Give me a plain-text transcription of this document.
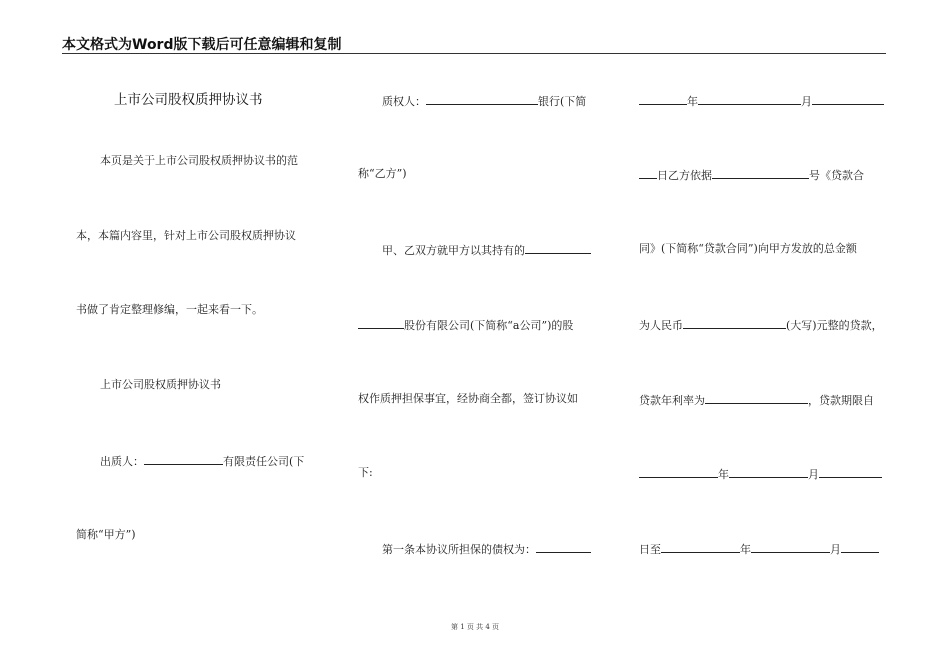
本文格式为Word版下载后可任意编辑和复制
上市公司股权质押协议书
本页是关于上市公司股权质押协议书的范
本，本篇内容里，针对上市公司股权质押协议
书做了肯定整理修编，一起来看一下。
上市公司股权质押协议书
出质人：	有限责任公司(下
简称“甲方”)
质权人：	银行(下简
称“乙方”)
甲、乙双方就甲方以其持有的
股份有限公司(下简称“a公司”)的股
权作质押担保事宜，经协商全都，签订协议如
下:
第一条本协议所担保的债权为：
年	月
日乙方依据	号《贷款合
同》(下简称“贷款合同”)向甲方发放的总金额
为人民币	(大写)元整的贷款，
贷款年利率为	，贷款期限自
年	月
日至	年	月
第 1 页 共 4 页
